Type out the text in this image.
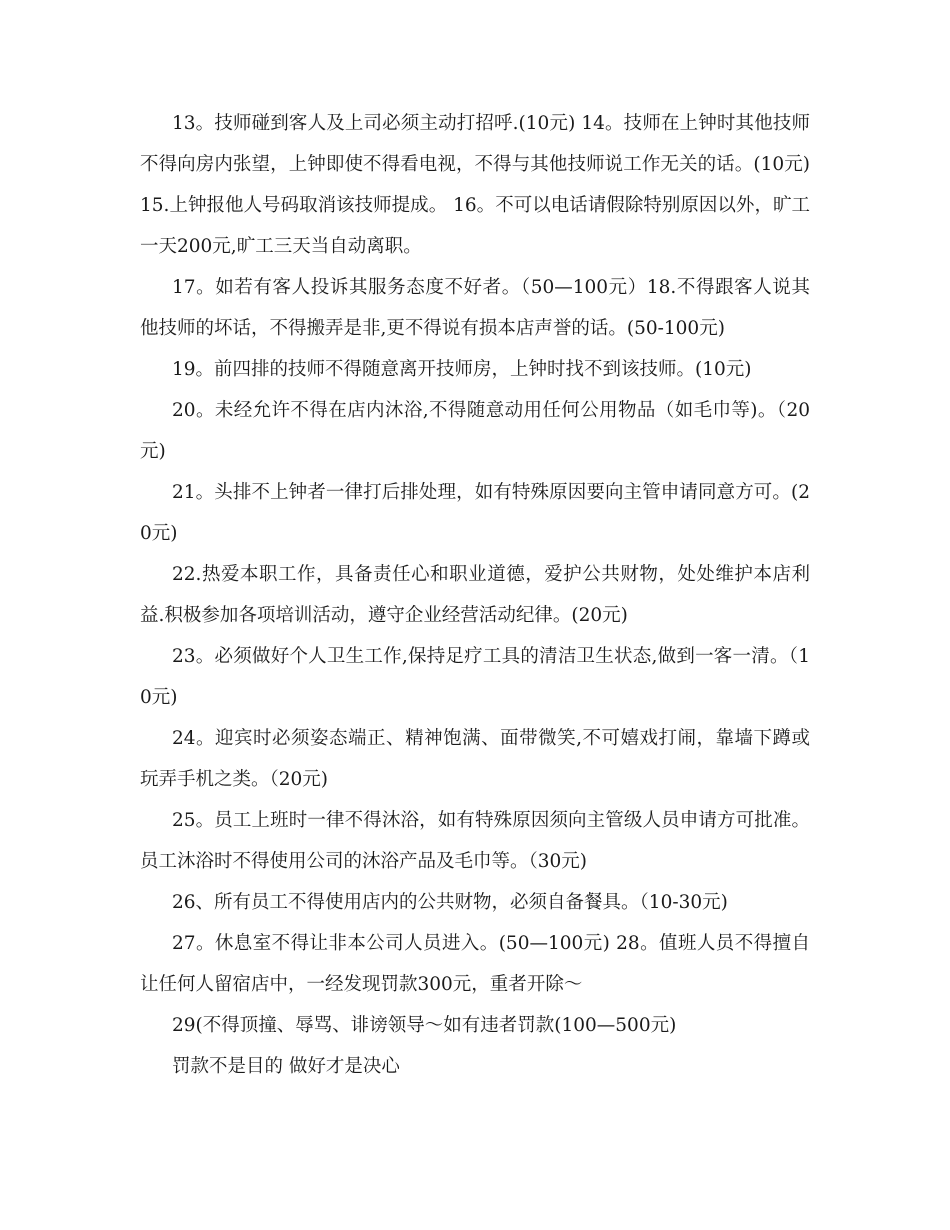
13。技师碰到客人及上司必须主动打招呼.(10元) 14。技师在上钟时其他技师不得向房内张望，上钟即使不得看电视，不得与其他技师说工作无关的话。(10元) 15.上钟报他人号码取消该技师提成。 16。不可以电话请假除特别原因以外，旷工一天200元,旷工三天当自动离职。

17。如若有客人投诉其服务态度不好者。（50—100元）18.不得跟客人说其他技师的坏话，不得搬弄是非,更不得说有损本店声誉的话。(50-100元)

19。前四排的技师不得随意离开技师房，上钟时找不到该技师。(10元)

20。未经允许不得在店内沐浴,不得随意动用任何公用物品（如毛巾等)。（20元)

21。头排不上钟者一律打后排处理，如有特殊原因要向主管申请同意方可。(20元)

22.热爱本职工作，具备责任心和职业道德，爱护公共财物，处处维护本店利益.积极参加各项培训活动，遵守企业经营活动纪律。(20元)

23。必须做好个人卫生工作,保持足疗工具的清洁卫生状态,做到一客一清。（10元)

24。迎宾时必须姿态端正、精神饱满、面带微笑,不可嬉戏打闹，靠墙下蹲或玩弄手机之类。（20元)

25。员工上班时一律不得沐浴，如有特殊原因须向主管级人员申请方可批准。员工沐浴时不得使用公司的沐浴产品及毛巾等。（30元)

26、所有员工不得使用店内的公共财物，必须自备餐具。（10-30元)

27。休息室不得让非本公司人员进入。(50—100元) 28。值班人员不得擅自让任何人留宿店中，一经发现罚款300元，重者开除～

29(不得顶撞、辱骂、诽谤领导～如有违者罚款(100—500元)

罚款不是目的 做好才是决心
